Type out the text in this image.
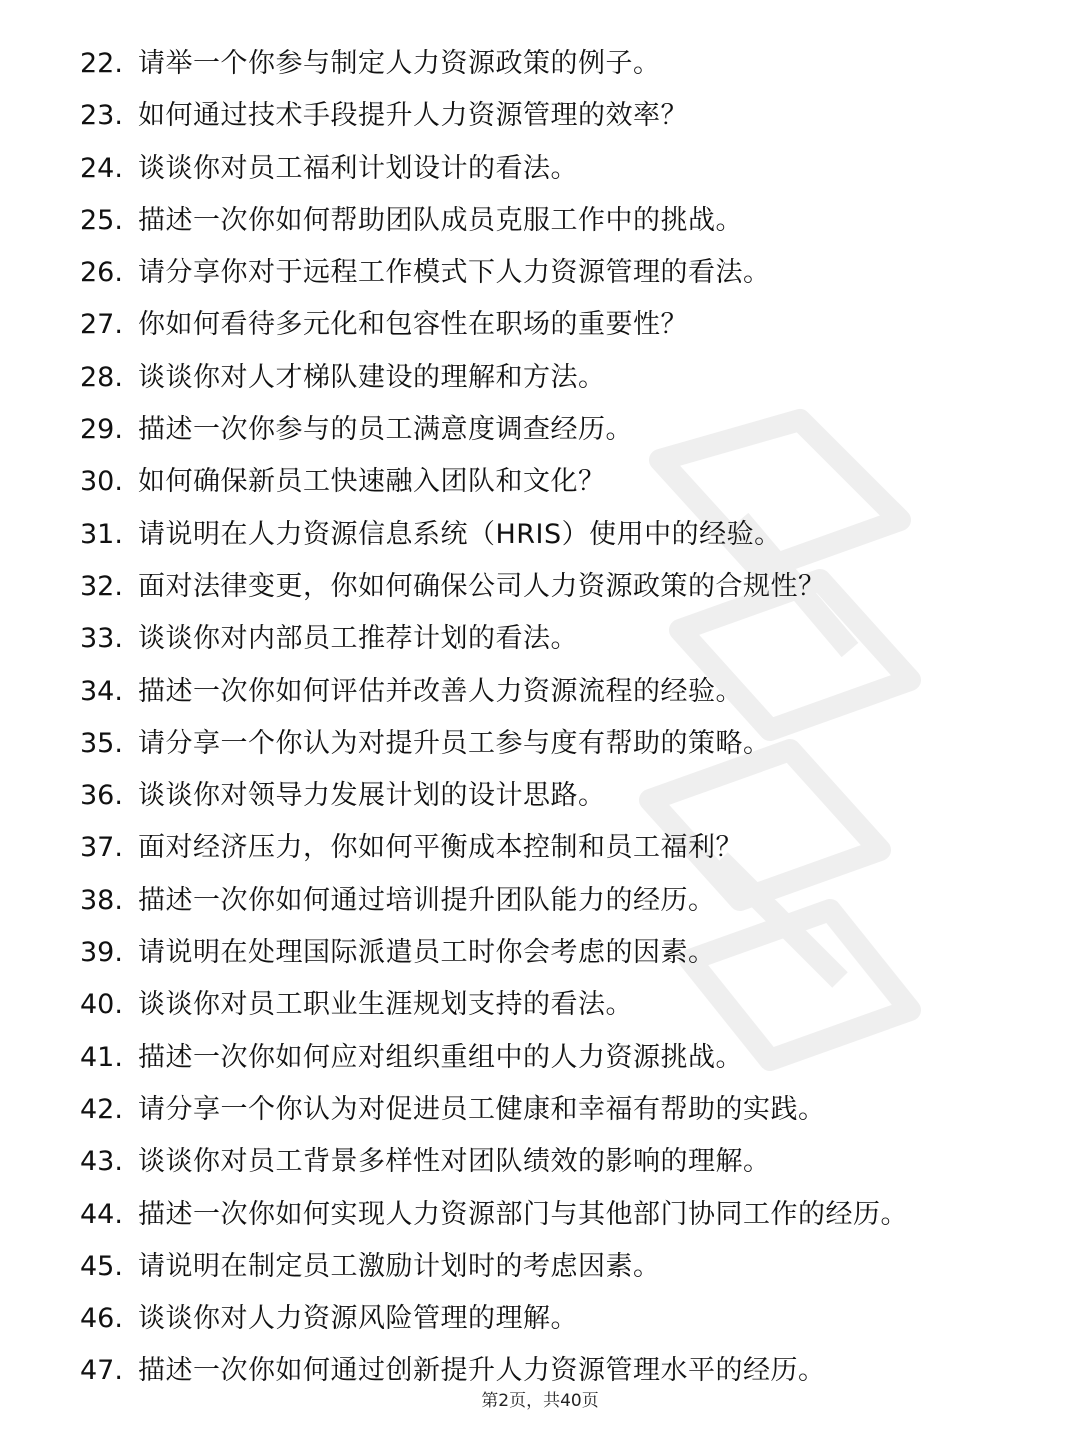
22. 请举一个你参与制定人力资源政策的例子。
23. 如何通过技术手段提升人力资源管理的效率？
24. 谈谈你对员工福利计划设计的看法。
25. 描述一次你如何帮助团队成员克服工作中的挑战。
26. 请分享你对于远程工作模式下人力资源管理的看法。
27. 你如何看待多元化和包容性在职场的重要性？
28. 谈谈你对人才梯队建设的理解和方法。
29. 描述一次你参与的员工满意度调查经历。
30. 如何确保新员工快速融入团队和文化？
31. 请说明在人力资源信息系统（HRIS）使用中的经验。
32. 面对法律变更，你如何确保公司人力资源政策的合规性？
33. 谈谈你对内部员工推荐计划的看法。
34. 描述一次你如何评估并改善人力资源流程的经验。
35. 请分享一个你认为对提升员工参与度有帮助的策略。
36. 谈谈你对领导力发展计划的设计思路。
37. 面对经济压力，你如何平衡成本控制和员工福利？
38. 描述一次你如何通过培训提升团队能力的经历。
39. 请说明在处理国际派遣员工时你会考虑的因素。
40. 谈谈你对员工职业生涯规划支持的看法。
41. 描述一次你如何应对组织重组中的人力资源挑战。
42. 请分享一个你认为对促进员工健康和幸福有帮助的实践。
43. 谈谈你对员工背景多样性对团队绩效的影响的理解。
44. 描述一次你如何实现人力资源部门与其他部门协同工作的经历。
45. 请说明在制定员工激励计划时的考虑因素。
46. 谈谈你对人力资源风险管理的理解。
47. 描述一次你如何通过创新提升人力资源管理水平的经历。
第2页，共40页
